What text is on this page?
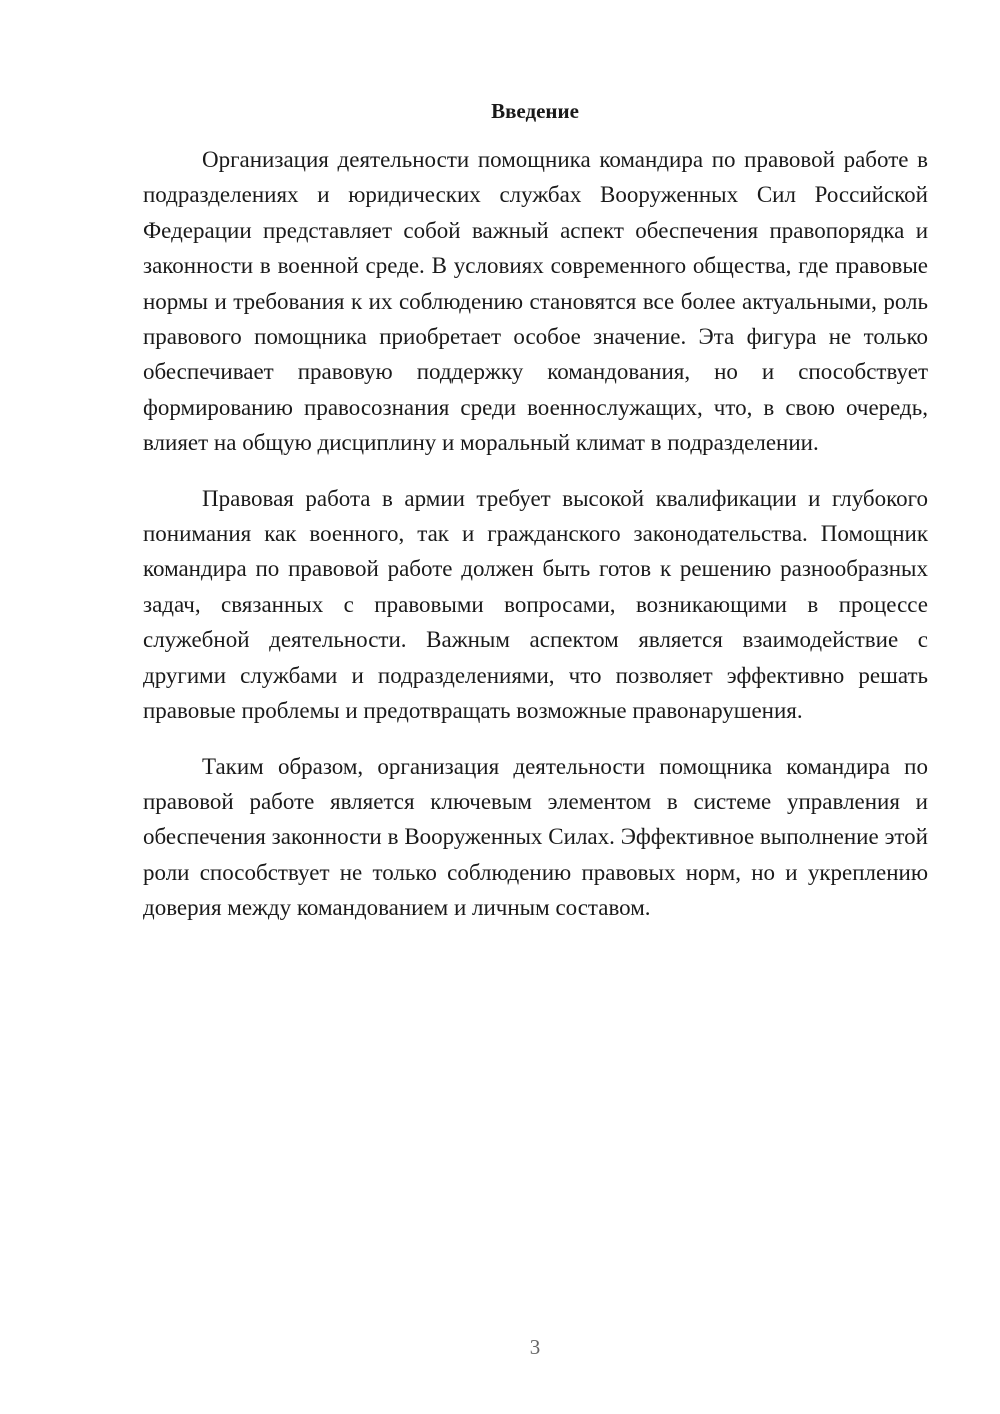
Введение

Организация деятельности помощника командира по правовой работе в подразделениях и юридических службах Вооруженных Сил Российской Федерации представляет собой важный аспект обеспечения правопорядка и законности в военной среде. В условиях современного общества, где правовые нормы и требования к их соблюдению становятся все более актуальными, роль правового помощника приобретает особое значение. Эта фигура не только обеспечивает правовую поддержку командования, но и способствует формированию правосознания среди военнослужащих, что, в свою очередь, влияет на общую дисциплину и моральный климат в подразделении.

Правовая работа в армии требует высокой квалификации и глубокого понимания как военного, так и гражданского законодательства. Помощник командира по правовой работе должен быть готов к решению разнообразных задач, связанных с правовыми вопросами, возникающими в процессе служебной деятельности. Важным аспектом является взаимодействие с другими службами и подразделениями, что позволяет эффективно решать правовые проблемы и предотвращать возможные правонарушения.

Таким образом, организация деятельности помощника командира по правовой работе является ключевым элементом в системе управления и обеспечения законности в Вооруженных Силах. Эффективное выполнение этой роли способствует не только соблюдению правовых норм, но и укреплению доверия между командованием и личным составом.

3
